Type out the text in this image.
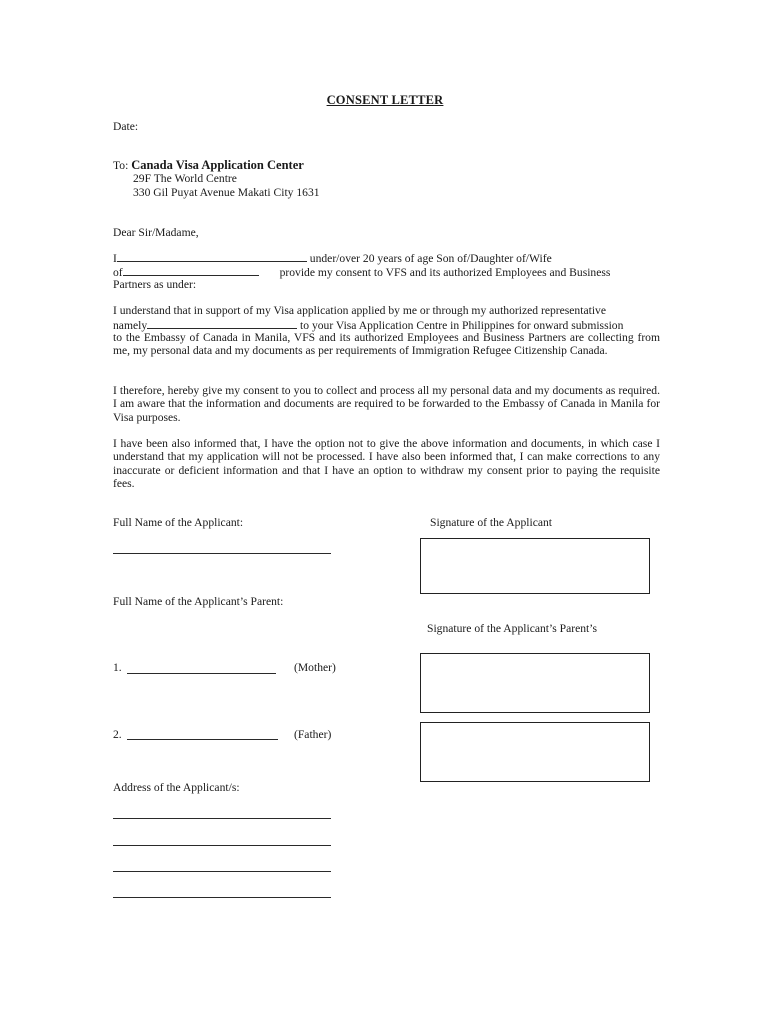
CONSENT LETTER
Date:
To: Canada Visa Application Center
29F The World Centre
330 Gil Puyat Avenue Makati City 1631
Dear Sir/Madame,
I	under/over 20 years of age Son of/Daughter of/Wife
of	provide my consent to VFS and its authorized Employees and Business
Partners as under:
I understand that in support of my Visa application applied by me or through my authorized representative
namely	to your Visa Application Centre in Philippines for onward submission
to the Embassy of Canada in Manila, VFS and its authorized Employees and Business Partners are collecting from me, my personal data and my documents as per requirements of Immigration Refugee Citizenship Canada.
I therefore, hereby give my consent to you to collect and process all my personal data and my documents as required. I am aware that the information and documents are required to be forwarded to the Embassy of Canada in Manila for Visa purposes.
I have been also informed that, I have the option not to give the above information and documents, in which case I understand that my application will not be processed. I have also been informed that, I can make corrections to any inaccurate or deficient information and that I have an option to withdraw my consent prior to paying the requisite fees.
Full Name of the Applicant:	Signature of the Applicant
Full Name of the Applicant’s Parent:
Signature of the Applicant’s Parent’s
1.	(Mother)
2.	(Father)
Address of the Applicant/s:
